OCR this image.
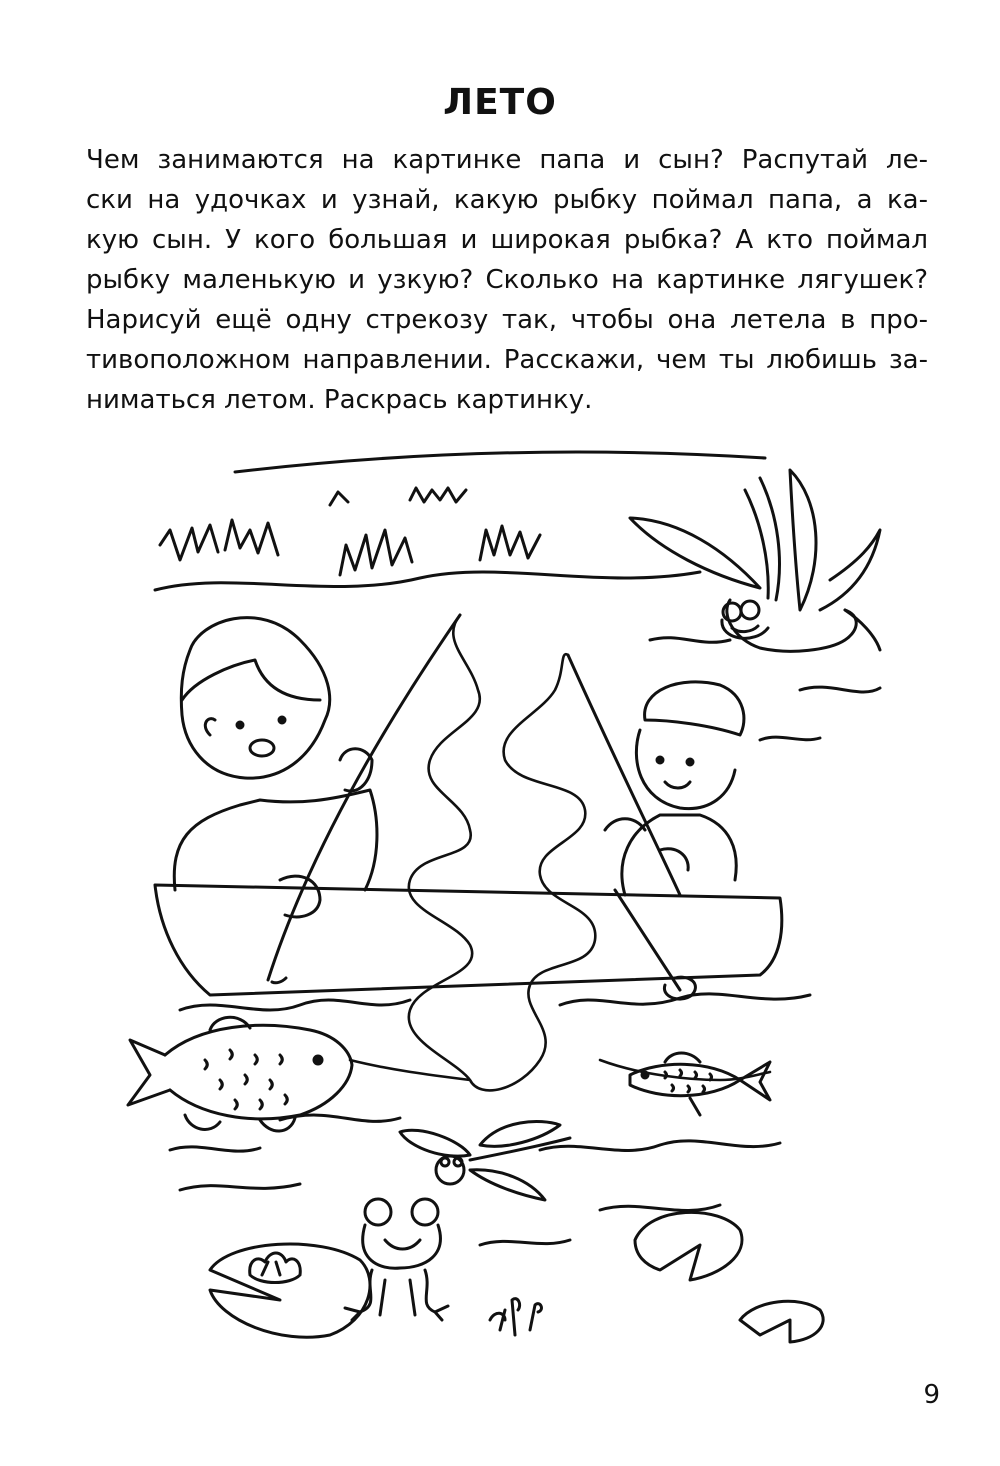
ЛЕТО
Чем занимаются на картинке папа и сын? Распутай ле-
ски на удочках и узнай, какую рыбку поймал папа, а ка-
кую сын. У кого большая и широкая рыбка? А кто поймал
рыбку маленькую и узкую? Сколько на картинке лягушек?
Нарисуй ещё одну стрекозу так, чтобы она летела в про-
тивоположном направлении. Расскажи, чем ты любишь за-
ниматься летом. Раскрась картинку.
9
